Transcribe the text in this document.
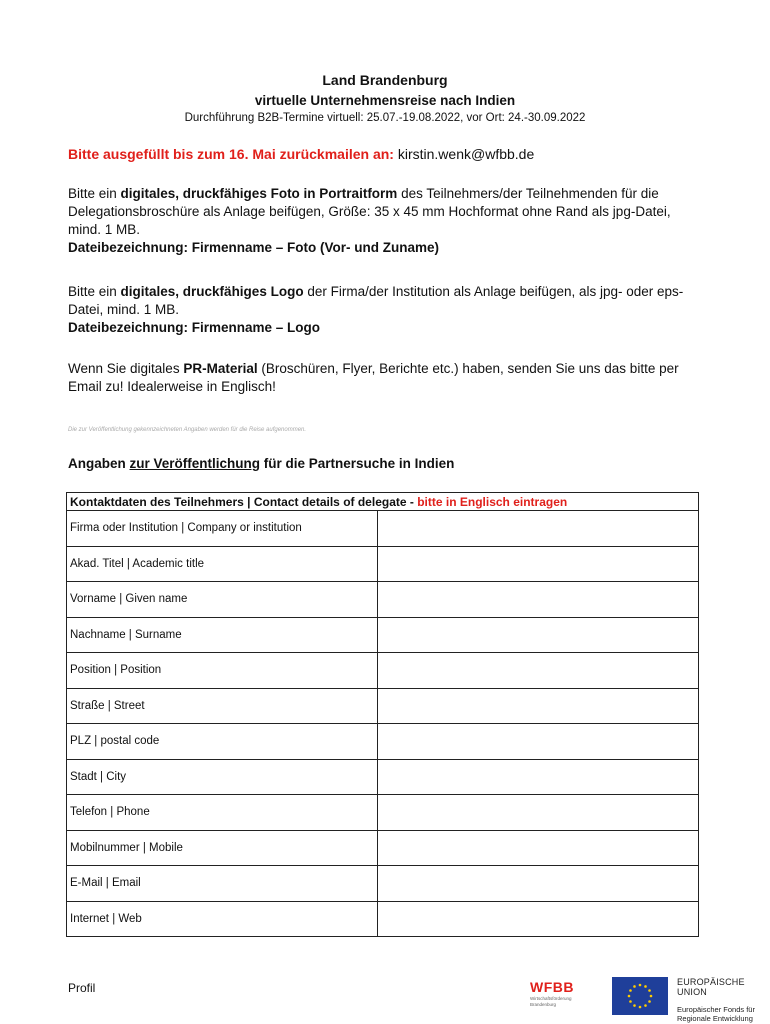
Land Brandenburg
virtuelle Unternehmensreise nach Indien
Durchführung B2B-Termine virtuell: 25.07.-19.08.2022, vor Ort: 24.-30.09.2022
Bitte ausgefüllt bis zum 16. Mai zurückmailen an: kirstin.wenk@wfbb.de
Bitte ein digitales, druckfähiges Foto in Portraitform des Teilnehmers/der Teilnehmenden für die Delegationsbroschüre als Anlage beifügen, Größe: 35 x 45 mm Hochformat ohne Rand als jpg-Datei, mind. 1 MB.
Dateibezeichnung: Firmenname – Foto (Vor- und Zuname)
Bitte ein digitales, druckfähiges Logo der Firma/der Institution als Anlage beifügen, als jpg- oder eps-Datei, mind. 1 MB.
Dateibezeichnung: Firmenname – Logo
Wenn Sie digitales PR-Material (Broschüren, Flyer, Berichte etc.) haben, senden Sie uns das bitte per Email zu! Idealerweise in Englisch!
Die zur Veröffentlichung gekennzeichneten Angaben werden für die Reise aufgenommen.
Angaben zur Veröffentlichung für die Partnersuche in Indien
Kontaktdaten des Teilnehmers | Contact details of delegate - bitte in Englisch eintragen	
Firma oder Institution | Company or institution	
Akad. Titel | Academic title	
Vorname | Given name	
Nachname | Surname	
Position | Position	
Straße | Street	
PLZ | postal code	
Stadt | City	
Telefon | Phone	
Mobilnummer | Mobile	
E-Mail | Email	
Internet | Web	
Profil	WFBB
Wirtschaftsförderung
Brandenburg
EUROPÄISCHE UNION
Europäischer Fonds für
Regionale Entwicklung
